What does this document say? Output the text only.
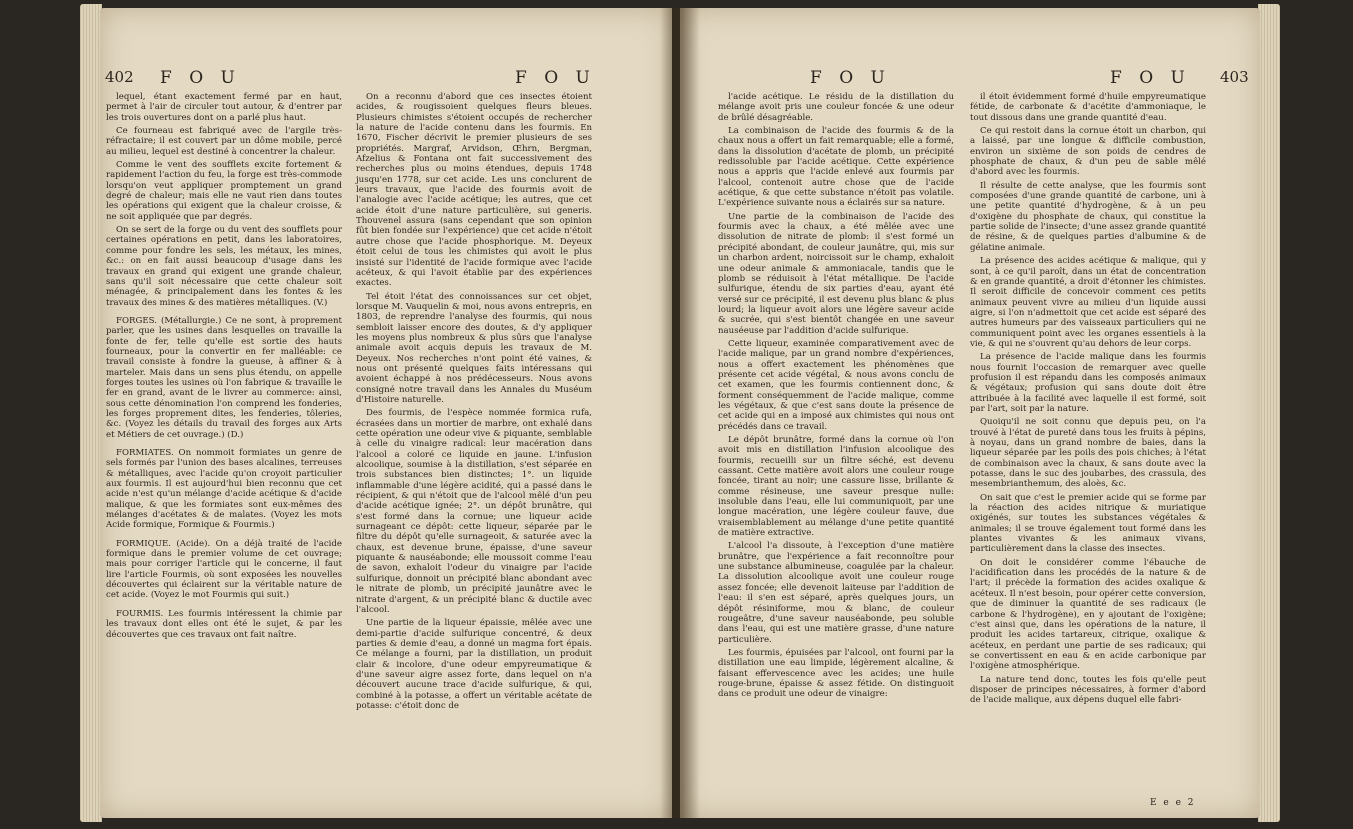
402 F O U	F O U

lequel, étant exactement fermé par en haut, permet à l'air de circuler tout autour, & d'entrer par les trois ouvertures dont on a parlé plus haut.

Ce fourneau est fabriqué avec de l'argile très-réfractaire; il est couvert par un dôme mobile, percé au milieu, lequel est destiné à concentrer la chaleur.

Comme le vent des soufflets excite fortement & rapidement l'action du feu, la forge est très-commode lorsqu'on veut appliquer promptement un grand degré de chaleur; mais elle ne vaut rien dans toutes les opérations qui exigent que la chaleur croisse, & ne soit appliquée que par degrés.

On se sert de la forge ou du vent des soufflets pour certaines opérations en petit, dans les laboratoires, comme pour fondre les sels, les métaux, les mines, &c.: on en fait aussi beaucoup d'usage dans les travaux en grand qui exigent une grande chaleur, sans qu'il soit nécessaire que cette chaleur soit ménagée, & principalement dans les fontes & les travaux des mines & des matières métalliques. (V.)

FORGES. (Métallurgie.) Ce ne sont, à proprement parler, que les usines dans lesquelles on travaille la fonte de fer, telle qu'elle est sortie des hauts fourneaux, pour la convertir en fer malléable: ce travail consiste à fondre la gueuse, à affiner & à marteler. Mais dans un sens plus étendu, on appelle forges toutes les usines où l'on fabrique & travaille le fer en grand, avant de le livrer au commerce: ainsi, sous cette dénomination l'on comprend les fonderies, les forges proprement dites, les fenderies, tôleries, &c. (Voyez les détails du travail des forges aux Arts et Métiers de cet ouvrage.) (D.)

FORMIATES. On nommoit formiates un genre de sels formés par l'union des bases alcalines, terreuses & métalliques, avec l'acide qu'on croyoit particulier aux fourmis. Il est aujourd'hui bien reconnu que cet acide n'est qu'un mélange d'acide acétique & d'acide malique, & que les formiates sont eux-mêmes des mélanges d'acétates & de malates. (Voyez les mots Acide formique, Formique & Fourmis.)

FORMIQUE. (Acide). On a déjà traité de l'acide formique dans le premier volume de cet ouvrage; mais pour corriger l'article qui le concerne, il faut lire l'article Fourmis, où sont exposées les nouvelles découvertes qui éclairent sur la véritable nature de cet acide. (Voyez le mot Fourmis qui suit.)

FOURMIS. Les fourmis intéressent la chimie par les travaux dont elles ont été le sujet, & par les découvertes que ces travaux ont fait naître.

On a reconnu d'abord que ces insectes étoient acides, & rougissoient quelques fleurs bleues. Plusieurs chimistes s'étoient occupés de rechercher la nature de l'acide contenu dans les fourmis. En 1670, Fischer décrivit le premier plusieurs de ses propriétés. Margraf, Arvidson, Œhrn, Bergman, Afzelius & Fontana ont fait successivement des recherches plus ou moins étendues, depuis 1748 jusqu'en 1778, sur cet acide. Les uns conclurent de leurs travaux, que l'acide des fourmis avoit de l'analogie avec l'acide acétique; les autres, que cet acide étoit d'une nature particulière, sui generis. Thouvenel assura (sans cependant que son opinion fût bien fondée sur l'expérience) que cet acide n'étoit autre chose que l'acide phosphorique. M. Deyeux étoit celui de tous les chimistes qui avoit le plus insisté sur l'identité de l'acide formique avec l'acide acéteux, & qui l'avoit établie par des expériences exactes.

Tel étoit l'état des connoissances sur cet objet, lorsque M. Vauquelin & moi, nous avons entrepris, en 1803, de reprendre l'analyse des fourmis, qui nous sembloit laisser encore des doutes, & d'y appliquer les moyens plus nombreux & plus sûrs que l'analyse animale avoit acquis depuis les travaux de M. Deyeux. Nos recherches n'ont point été vaines, & nous ont présenté quelques faits intéressans qui avoient échappé à nos prédécesseurs. Nous avons consigné notre travail dans les Annales du Muséum d'Histoire naturelle.

Des fourmis, de l'espèce nommée formica rufa, écrasées dans un mortier de marbre, ont exhalé dans cette opération une odeur vive & piquante, semblable à celle du vinaigre radical: leur macération dans l'alcool a coloré ce liquide en jaune. L'infusion alcoolique, soumise à la distillation, s'est séparée en trois substances bien distinctes; 1°. un liquide inflammable d'une légère acidité, qui a passé dans le récipient, & qui n'étoit que de l'alcool mêlé d'un peu d'acide acétique ignée; 2°. un dépôt brunâtre, qui s'est formé dans la cornue; une liqueur acide surnageant ce dépôt: cette liqueur, séparée par le filtre du dépôt qu'elle surnageoit, & saturée avec la chaux, est devenue brune, épaisse, d'une saveur piquante & nauséabonde; elle moussoit comme l'eau de savon, exhaloit l'odeur du vinaigre par l'acide sulfurique, donnoit un précipité blanc abondant avec le nitrate de plomb, un précipité jaunâtre avec le nitrate d'argent, & un précipité blanc & ductile avec l'alcool.

Une partie de la liqueur épaissie, mêlée avec une demi-partie d'acide sulfurique concentré, & deux parties & demie d'eau, a donné un magma fort épais. Ce mélange a fourni, par la distillation, un produit clair & incolore, d'une odeur empyreumatique & d'une saveur aigre assez forte, dans lequel on n'a découvert aucune trace d'acide sulfurique, & qui, combiné à la potasse, a offert un véritable acétate de potasse: c'étoit donc de

F O U	F O U 403

l'acide acétique. Le résidu de la distillation du mélange avoit pris une couleur foncée & une odeur de brûlé désagréable.

La combinaison de l'acide des fourmis & de la chaux nous a offert un fait remarquable; elle a formé, dans la dissolution d'acétate de plomb, un précipité redissoluble par l'acide acétique. Cette expérience nous a appris que l'acide enlevé aux fourmis par l'alcool, contenoit autre chose que de l'acide acétique, & que cette substance n'étoit pas volatile. L'expérience suivante nous a éclairés sur sa nature.

Une partie de la combinaison de l'acide des fourmis avec la chaux, a été mêlée avec une dissolution de nitrate de plomb: il s'est formé un précipité abondant, de couleur jaunâtre, qui, mis sur un charbon ardent, noircissoit sur le champ, exhaloit une odeur animale & ammoniacale, tandis que le plomb se réduisoit à l'état métallique. De l'acide sulfurique, étendu de six parties d'eau, ayant été versé sur ce précipité, il est devenu plus blanc & plus lourd; la liqueur avoit alors une légère saveur acide & sucrée, qui s'est bientôt changée en une saveur nauséeuse par l'addition d'acide sulfurique.

Cette liqueur, examinée comparativement avec de l'acide malique, par un grand nombre d'expériences, nous a offert exactement les phénomènes que présente cet acide végétal, & nous avons conclu de cet examen, que les fourmis contiennent donc, & forment conséquemment de l'acide malique, comme les végétaux, & que c'est sans doute la présence de cet acide qui en a imposé aux chimistes qui nous ont précédés dans ce travail.

Le dépôt brunâtre, formé dans la cornue où l'on avoit mis en distillation l'infusion alcoolique des fourmis, recueilli sur un filtre séché, est devenu cassant. Cette matière avoit alors une couleur rouge foncée, tirant au noir; une cassure lisse, brillante & comme résineuse, une saveur presque nulle: insoluble dans l'eau, elle lui communiquoit, par une longue macération, une légère couleur fauve, due vraisemblablement au mélange d'une petite quantité de matière extractive.

L'alcool l'a dissoute, à l'exception d'une matière brunâtre, que l'expérience a fait reconnoître pour une substance albumineuse, coagulée par la chaleur. La dissolution alcoolique avoit une couleur rouge assez foncée; elle devenoit laiteuse par l'addition de l'eau: il s'en est séparé, après quelques jours, un dépôt résiniforme, mou & blanc, de couleur rougeâtre, d'une saveur nauséabonde, peu soluble dans l'eau, qui est une matière grasse, d'une nature particulière.

Les fourmis, épuisées par l'alcool, ont fourni par la distillation une eau limpide, légèrement alcaline, & faisant effervescence avec les acides; une huile rouge-brune, épaisse & assez fétide. On distinguoit dans ce produit une odeur de vinaigre:

il étoit évidemment formé d'huile empyreumatique fétide, de carbonate & d'acétite d'ammoniaque, le tout dissous dans une grande quantité d'eau.

Ce qui restoit dans la cornue étoit un charbon, qui a laissé, par une longue & difficile combustion, environ un sixième de son poids de cendres de phosphate de chaux, & d'un peu de sable mêlé d'abord avec les fourmis.

Il résulte de cette analyse, que les fourmis sont composées d'une grande quantité de carbone, uni à une petite quantité d'hydrogène, & à un peu d'oxigène du phosphate de chaux, qui constitue la partie solide de l'insecte; d'une assez grande quantité de résine, & de quelques parties d'albumine & de gélatine animale.

La présence des acides acétique & malique, qui y sont, à ce qu'il paroît, dans un état de concentration & en grande quantité, a droit d'étonner les chimistes. Il seroit difficile de concevoir comment ces petits animaux peuvent vivre au milieu d'un liquide aussi aigre, si l'on n'admettoit que cet acide est séparé des autres humeurs par des vaisseaux particuliers qui ne communiquent point avec les organes essentiels à la vie, & qui ne s'ouvrent qu'au dehors de leur corps.

La présence de l'acide malique dans les fourmis nous fournit l'occasion de remarquer avec quelle profusion il est répandu dans les composés animaux & végétaux; profusion qui sans doute doit être attribuée à la facilité avec laquelle il est formé, soit par l'art, soit par la nature.

Quoiqu'il ne soit connu que depuis peu, on l'a trouvé à l'état de pureté dans tous les fruits à pépins, à noyau, dans un grand nombre de baies, dans la liqueur séparée par les poils des pois chiches; à l'état de combinaison avec la chaux, & sans doute avec la potasse, dans le suc des joubarbes, des crassula, des mesembrianthemum, des aloès, &c.

On sait que c'est le premier acide qui se forme par la réaction des acides nitrique & muriatique oxigénés, sur toutes les substances végétales & animales; il se trouve également tout formé dans les plantes vivantes & les animaux vivans, particulièrement dans la classe des insectes.

On doit le considérer comme l'ébauche de l'acidification dans les procédés de la nature & de l'art; il précède la formation des acides oxalique & acéteux. Il n'est besoin, pour opérer cette conversion, que de diminuer la quantité de ses radicaux (le carbone & l'hydrogène), en y ajoutant de l'oxigène; c'est ainsi que, dans les opérations de la nature, il produit les acides tartareux, citrique, oxalique & acéteux, en perdant une partie de ses radicaux; qui se convertissent en eau & en acide carbonique par l'oxigène atmosphérique.

La nature tend donc, toutes les fois qu'elle peut disposer de principes nécessaires, à former d'abord de l'acide malique, aux dépens duquel elle fabri-

E e e 2
